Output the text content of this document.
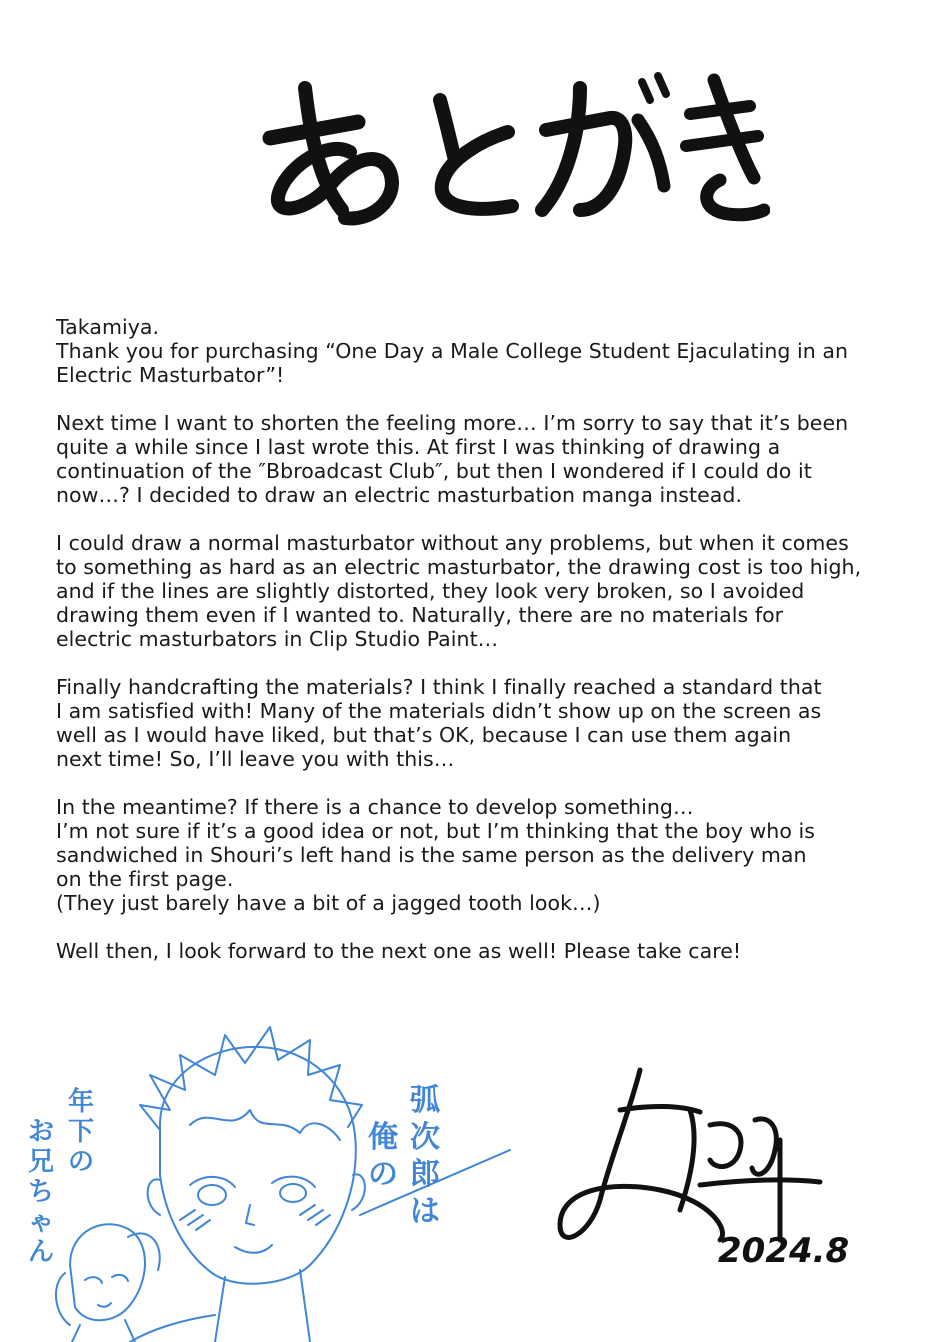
Takamiya.
Thank you for purchasing “One Day a Male College Student Ejaculating in an
Electric Masturbator”!
Next time I want to shorten the feeling more… I’m sorry to say that it’s been
quite a while since I last wrote this. At first I was thinking of drawing a
continuation of the ″Bbroadcast Club″, but then I wondered if I could do it
now…? I decided to draw an electric masturbation manga instead.
I could draw a normal masturbator without any problems, but when it comes
to something as hard as an electric masturbator, the drawing cost is too high,
and if the lines are slightly distorted, they look very broken, so I avoided
drawing them even if I wanted to. Naturally, there are no materials for
electric masturbators in Clip Studio Paint…
Finally handcrafting the materials? I think I finally reached a standard that
I am satisfied with! Many of the materials didn’t show up on the screen as
well as I would have liked, but that’s OK, because I can use them again
next time! So, I’ll leave you with this…
In the meantime? If there is a chance to develop something…
I’m not sure if it’s a good idea or not, but I’m thinking that the boy who is
sandwiched in Shouri’s left hand is the same person as the delivery man
on the first page.
(They just barely have a bit of a jagged tooth look…)
Well then, I look forward to the next one as well! Please take care!
年
下
の
お
兄
ち
ゃ
ん
弧
次
郎
は
俺
の
2024.8
